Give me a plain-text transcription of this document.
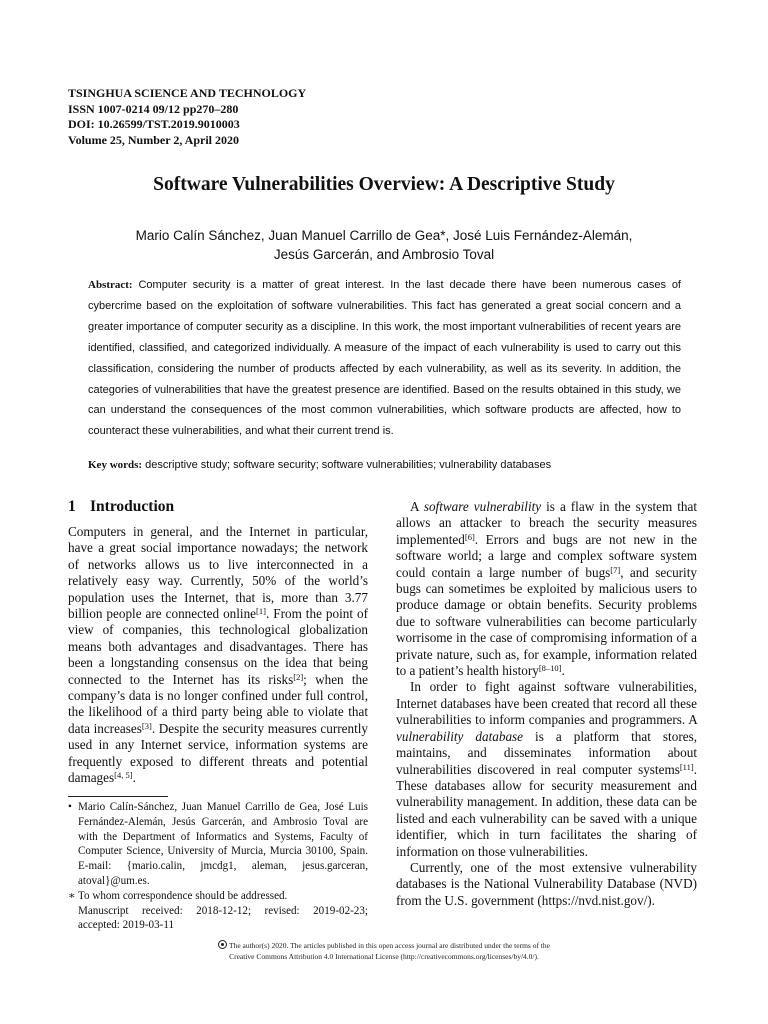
TSINGHUA SCIENCE AND TECHNOLOGY
ISSN 1007-0214 09/12 pp270–280
DOI: 10.26599/TST.2019.9010003
Volume 25, Number 2, April 2020
Software Vulnerabilities Overview: A Descriptive Study
Mario Calín Sánchez, Juan Manuel Carrillo de Gea*, José Luis Fernández-Alemán,
Jesús Garcerán, and Ambrosio Toval
Abstract: Computer security is a matter of great interest. In the last decade there have been numerous cases of cybercrime based on the exploitation of software vulnerabilities. This fact has generated a great social concern and a greater importance of computer security as a discipline. In this work, the most important vulnerabilities of recent years are identified, classified, and categorized individually. A measure of the impact of each vulnerability is used to carry out this classification, considering the number of products affected by each vulnerability, as well as its severity. In addition, the categories of vulnerabilities that have the greatest presence are identified. Based on the results obtained in this study, we can understand the consequences of the most common vulnerabilities, which software products are affected, how to counteract these vulnerabilities, and what their current trend is.
Key words: descriptive study; software security; software vulnerabilities; vulnerability databases
1 Introduction

Computers in general, and the Internet in particular, have a great social importance nowadays; the network of networks allows us to live interconnected in a relatively easy way. Currently, 50% of the world’s population uses the Internet, that is, more than 3.77 billion people are connected online[1]. From the point of view of companies, this technological globalization means both advantages and disadvantages. There has been a longstanding consensus on the idea that being connected to the Internet has its risks[2]; when the company’s data is no longer confined under full control, the likelihood of a third party being able to violate that data increases[3]. Despite the security measures currently used in any Internet service, information systems are frequently exposed to different threats and potential damages[4, 5].

A software vulnerability is a flaw in the system that allows an attacker to breach the security measures implemented[6]. Errors and bugs are not new in the software world; a large and complex software system could contain a large number of bugs[7], and security bugs can sometimes be exploited by malicious users to produce damage or obtain benefits. Security problems due to software vulnerabilities can become particularly worrisome in the case of compromising information of a private nature, such as, for example, information related to a patient’s health history[8–10].

In order to fight against software vulnerabilities, Internet databases have been created that record all these vulnerabilities to inform companies and programmers. A vulnerability database is a platform that stores, maintains, and disseminates information about vulnerabilities discovered in real computer systems[11]. These databases allow for security measurement and vulnerability management. In addition, these data can be listed and each vulnerability can be saved with a unique identifier, which in turn facilitates the sharing of information on those vulnerabilities.

Currently, one of the most extensive vulnerability databases is the National Vulnerability Database (NVD) from the U.S. government (https://nvd.nist.gov/).

• Mario Calín-Sánchez, Juan Manuel Carrillo de Gea, José Luis Fernández-Alemán, Jesús Garcerán, and Ambrosio Toval are with the Department of Informatics and Systems, Faculty of Computer Science, University of Murcia, Murcia 30100, Spain. E-mail: {mario.calin, jmcdg1, aleman, jesus.garceran, atoval}@um.es.

∗ To whom correspondence should be addressed.

Manuscript received: 2018-12-12; revised: 2019-02-23; accepted: 2019-03-11

The author(s) 2020. The articles published in this open access journal are distributed under the terms of the
Creative Commons Attribution 4.0 International License (http://creativecommons.org/licenses/by/4.0/).
